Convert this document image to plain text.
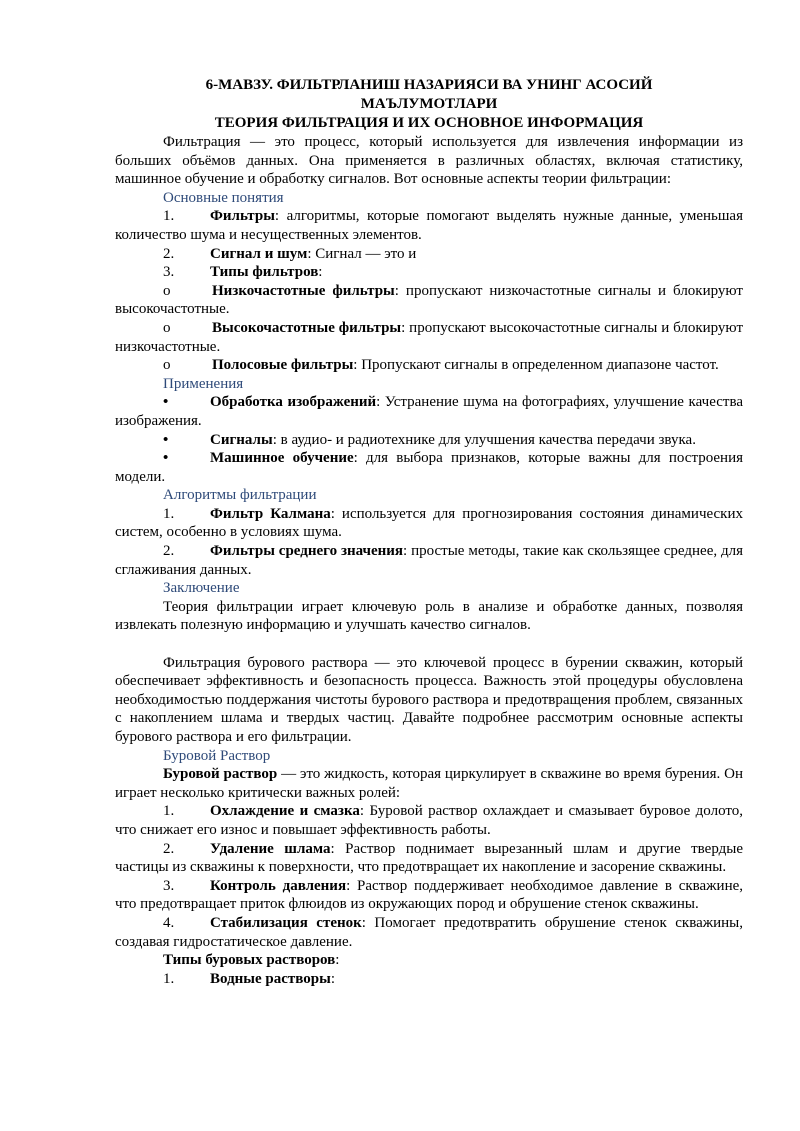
6-МАВЗУ. ФИЛЬТРЛАНИШ НАЗАРИЯСИ ВА УНИНГ АСОСИЙ
МАЪЛУМОТЛАРИ

ТЕОРИЯ ФИЛЬТРАЦИЯ И ИХ ОСНОВНОЕ ИНФОРМАЦИЯ

Фильтрация — это процесс, который используется для извлечения информации из больших объёмов данных. Она применяется в различных областях, включая статистику, машинное обучение и обработку сигналов. Вот основные аспекты теории фильтрации:

Основные понятия

1. Фильтры: алгоритмы, которые помогают выделять нужные данные, уменьшая количество шума и несущественных элементов.

2. Сигнал и шум: Сигнал — это и

3. Типы фильтров:

o	Низкочастотные фильтры: пропускают низкочастотные сигналы и блокируют высокочастотные.

o	Высокочастотные фильтры: пропускают высокочастотные сигналы и блокируют низкочастотные.

o	Полосовые фильтры: Пропускают сигналы в определенном диапазоне частот.

Применения

•	Обработка изображений: Устранение шума на фотографиях, улучшение качества изображения.

•	Сигналы: в аудио- и радиотехнике для улучшения качества передачи звука.

•	Машинное обучение: для выбора признаков, которые важны для построения модели.

Алгоритмы фильтрации

1. Фильтр Калмана: используется для прогнозирования состояния динамических систем, особенно в условиях шума.

2. Фильтры среднего значения: простые методы, такие как скользящее среднее, для сглаживания данных.

Заключение

Теория фильтрации играет ключевую роль в анализе и обработке данных, позволяя извлекать полезную информацию и улучшать качество сигналов.

Фильтрация бурового раствора — это ключевой процесс в бурении скважин, который обеспечивает эффективность и безопасность процесса. Важность этой процедуры обусловлена необходимостью поддержания чистоты бурового раствора и предотвращения проблем, связанных с накоплением шлама и твердых частиц. Давайте подробнее рассмотрим основные аспекты бурового раствора и его фильтрации.

Буровой Раствор

Буровой раствор — это жидкость, которая циркулирует в скважине во время бурения. Он играет несколько критически важных ролей:

1. Охлаждение и смазка: Буровой раствор охлаждает и смазывает буровое долото, что снижает его износ и повышает эффективность работы.

2. Удаление шлама: Раствор поднимает вырезанный шлам и другие твердые частицы из скважины к поверхности, что предотвращает их накопление и засорение скважины.

3. Контроль давления: Раствор поддерживает необходимое давление в скважине, что предотвращает приток флюидов из окружающих пород и обрушение стенок скважины.

4. Стабилизация стенок: Помогает предотвратить обрушение стенок скважины, создавая гидростатическое давление.

Типы буровых растворов:

1. Водные растворы:
